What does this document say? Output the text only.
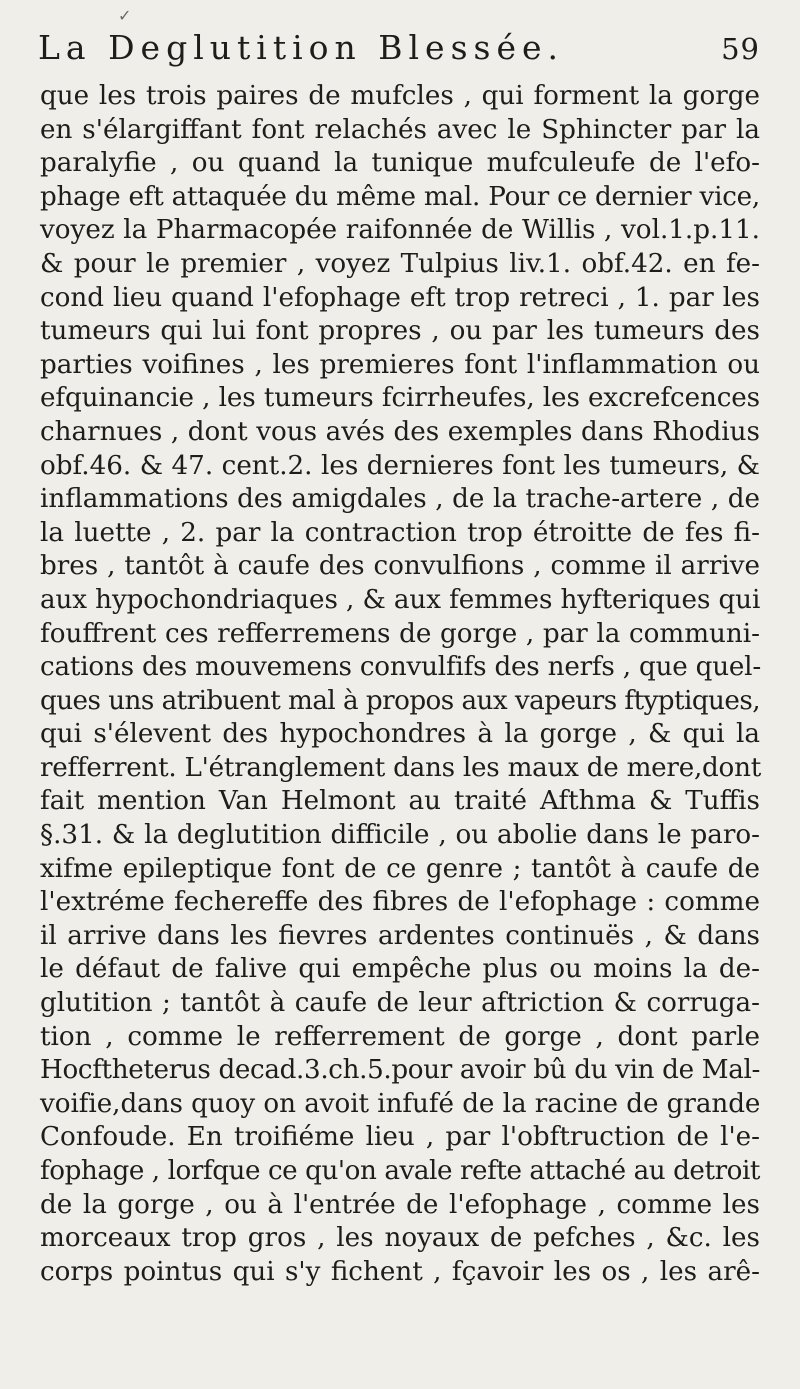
✓
La Deglutition Blessée.	59
que les trois paires de mufcles , qui forment la gorge
en s'élargiffant font relachés avec le Sphincter par la
paralyfie , ou quand la tunique mufculeufe de l'efo-
phage eft attaquée du même mal. Pour ce dernier vice,
voyez la Pharmacopée raifonnée de Willis , vol.1.p.11.
& pour le premier , voyez Tulpius liv.1. obf.42. en fe-
cond lieu quand l'efophage eft trop retreci , 1. par les
tumeurs qui lui font propres , ou par les tumeurs des
parties voifines , les premieres font l'inflammation ou
efquinancie , les tumeurs fcirrheufes, les excrefcences
charnues , dont vous avés des exemples dans Rhodius
obf.46. & 47. cent.2. les dernieres font les tumeurs, &
inflammations des amigdales , de la trache-artere , de
la luette , 2. par la contraction trop étroitte de fes fi-
bres , tantôt à caufe des convulfions , comme il arrive
aux hypochondriaques , & aux femmes hyfteriques qui
fouffrent ces refferremens de gorge , par la communi-
cations des mouvemens convulfifs des nerfs , que quel-
ques uns atribuent mal à propos aux vapeurs ftyptiques,
qui s'élevent des hypochondres à la gorge , & qui la
refferrent. L'étranglement dans les maux de mere,dont
fait mention Van Helmont au traité Afthma & Tuffis
§.31. & la deglutition difficile , ou abolie dans le paro-
xifme epileptique font de ce genre ; tantôt à caufe de
l'extréme fechereffe des fibres de l'efophage : comme
il arrive dans les fievres ardentes continuës , & dans
le défaut de falive qui empêche plus ou moins la de-
glutition ; tantôt à caufe de leur aftriction & corruga-
tion , comme le refferrement de gorge , dont parle
Hocftheterus decad.3.ch.5.pour avoir bû du vin de Mal-
voifie,dans quoy on avoit infufé de la racine de grande
Confoude. En troifiéme lieu , par l'obftruction de l'e-
fophage , lorfque ce qu'on avale refte attaché au detroit
de la gorge , ou à l'entrée de l'efophage , comme les
morceaux trop gros , les noyaux de pefches , &c. les
corps pointus qui s'y fichent , fçavoir les os , les arê-
